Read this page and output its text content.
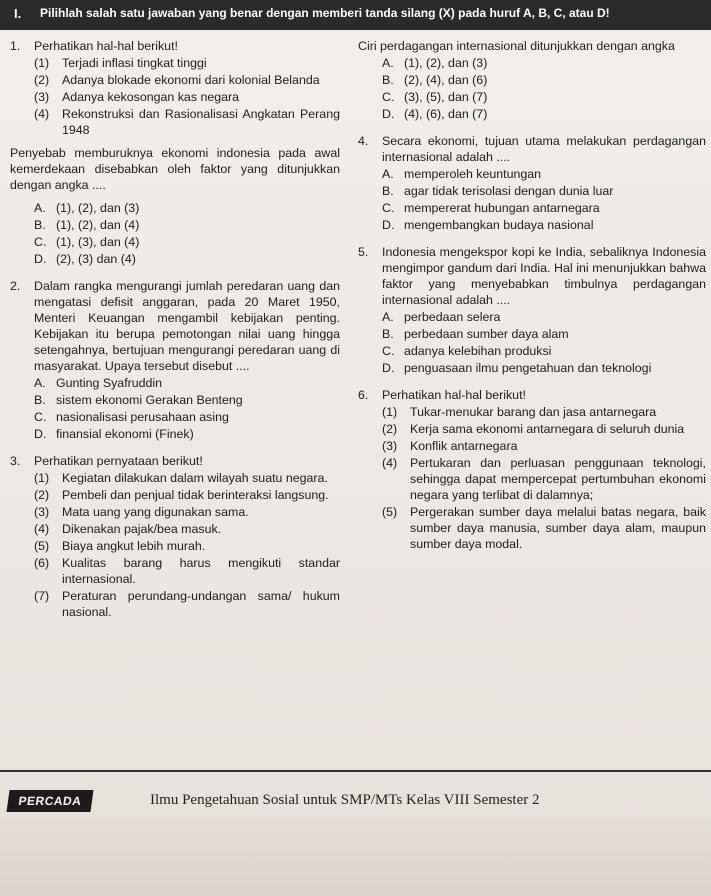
I. Pilihlah salah satu jawaban yang benar dengan memberi tanda silang (X) pada huruf A, B, C, atau D!
1.	Perhatikan hal-hal berikut!
(1)	Terjadi inflasi tingkat tinggi
(2)	Adanya blokade ekonomi dari kolonial Belanda
(3)	Adanya kekosongan kas negara
(4)	Rekonstruksi dan Rasionalisasi Angkatan Perang 1948
Penyebab memburuknya ekonomi indonesia pada awal kemerdekaan disebabkan oleh faktor yang ditunjukkan dengan angka ....
A. (1), (2), dan (3)
B. (1), (2), dan (4)
C. (1), (3), dan (4)
D. (2), (3) dan (4)
2.	Dalam rangka mengurangi jumlah peredaran uang dan mengatasi defisit anggaran, pada 20 Maret 1950, Menteri Keuangan mengambil kebijakan penting. Kebijakan itu berupa pemotongan nilai uang hingga setengahnya, bertujuan mengurangi peredaran uang di masyarakat. Upaya tersebut disebut ....
A. Gunting Syafruddin
B. sistem ekonomi Gerakan Benteng
C. nasionalisasi perusahaan asing
D. finansial ekonomi (Finek)
3.	Perhatikan pernyataan berikut!
(1)	Kegiatan dilakukan dalam wilayah suatu negara.
(2)	Pembeli dan penjual tidak berinteraksi langsung.
(3)	Mata uang yang digunakan sama.
(4)	Dikenakan pajak/bea masuk.
(5)	Biaya angkut lebih murah.
(6)	Kualitas barang harus mengikuti standar internasional.
(7)	Peraturan perundang-undangan sama/ hukum nasional.
Ciri perdagangan internasional ditunjukkan dengan angka
A. (1), (2), dan (3)
B. (2), (4), dan (6)
C. (3), (5), dan (7)
D. (4), (6), dan (7)
4.	Secara ekonomi, tujuan utama melakukan perdagangan internasional adalah ....
A. memperoleh keuntungan
B. agar tidak terisolasi dengan dunia luar
C. mempererat hubungan antarnegara
D. mengembangkan budaya nasional
5.	Indonesia mengekspor kopi ke India, sebaliknya Indonesia mengimpor gandum dari India. Hal ini menunjukkan bahwa faktor yang menyebabkan timbulnya perdagangan internasional adalah ....
A. perbedaan selera
B. perbedaan sumber daya alam
C. adanya kelebihan produksi
D. penguasaan ilmu pengetahuan dan teknologi
6.	Perhatikan hal-hal berikut!
(1)	Tukar-menukar barang dan jasa antarnegara
(2)	Kerja sama ekonomi antarnegara di seluruh dunia
(3)	Konflik antarnegara
(4)	Pertukaran dan perluasan penggunaan teknologi, sehingga dapat mempercepat pertumbuhan ekonomi negara yang terlibat di dalamnya;
(5)	Pergerakan sumber daya melalui batas negara, baik sumber daya manusia, sumber daya alam, maupun sumber daya modal.
PERCADA	Ilmu Pengetahuan Sosial untuk SMP/MTs Kelas VIII Semester 2
